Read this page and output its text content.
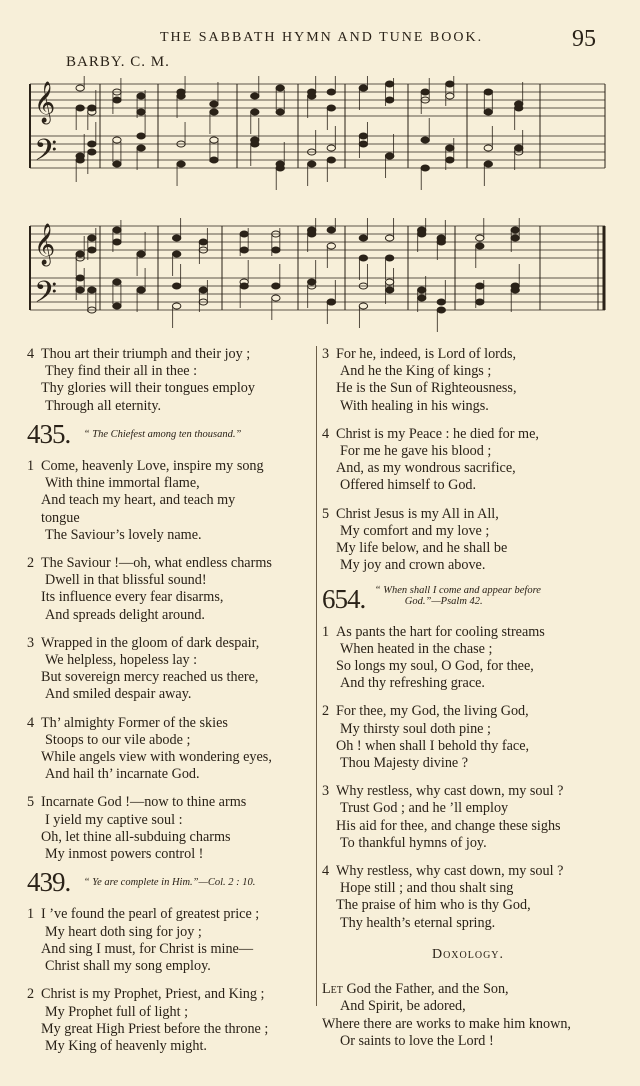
THE SABBATH HYMN AND TUNE BOOK.	95
BARBY. C. M.
𝄞
𝄢
𝄞
𝄢
4 Thou art their triumph and their joy ;
They find their all in thee :
Thy glories will their tongues employ
Through all eternity.
435. $^{“ The Chiefest among ten thousand.”}$
1 Come, heavenly Love, inspire my song
With thine immortal flame,
And teach my heart, and teach my
tongue
The Saviour’s lovely name.
2 The Saviour !—oh, what endless charms
Dwell in that blissful sound!
Its influence every fear disarms,
And spreads delight around.
3 Wrapped in the gloom of dark despair,
We helpless, hopeless lay :
But sovereign mercy reached us there,
And smiled despair away.
4 Th’ almighty Former of the skies
Stoops to our vile abode ;
While angels view with wondering eyes,
And hail th’ incarnate God.
5 Incarnate God !—now to thine arms
I yield my captive soul :
Oh, let thine all-subduing charms
My inmost powers control !
439. $^{“ Ye are complete in Him.”—Col. 2 : 10.}$
1 I ’ve found the pearl of greatest price ;
My heart doth sing for joy ;
And sing I must, for Christ is mine—
Christ shall my song employ.
2 Christ is my Prophet, Priest, and King ;
My Prophet full of light ;
My great High Priest before the throne ;
My King of heavenly might.
3 For he, indeed, is Lord of lords,
And he the King of kings ;
He is the Sun of Righteousness,
With healing in his wings.
4 Christ is my Peace : he died for me,
For me he gave his blood ;
And, as my wondrous sacrifice,
Offered himself to God.
5 Christ Jesus is my All in All,
My comfort and my love ;
My life below, and he shall be
My joy and crown above.
654. “ When shall I come and appear before
God.”—Psalm 42.
1 As pants the hart for cooling streams
When heated in the chase ;
So longs my soul, O God, for thee,
And thy refreshing grace.
2 For thee, my God, the living God,
My thirsty soul doth pine ;
Oh ! when shall I behold thy face,
Thou Majesty divine ?
3 Why restless, why cast down, my soul ?
Trust God ; and he ’ll employ
His aid for thee, and change these sighs
To thankful hymns of joy.
4 Why restless, why cast down, my soul ?
Hope still ; and thou shalt sing
The praise of him who is thy God,
Thy health’s eternal spring.
Doxology.
Let God the Father, and the Son,
And Spirit, be adored,
Where there are works to make him known,
Or saints to love the Lord !
